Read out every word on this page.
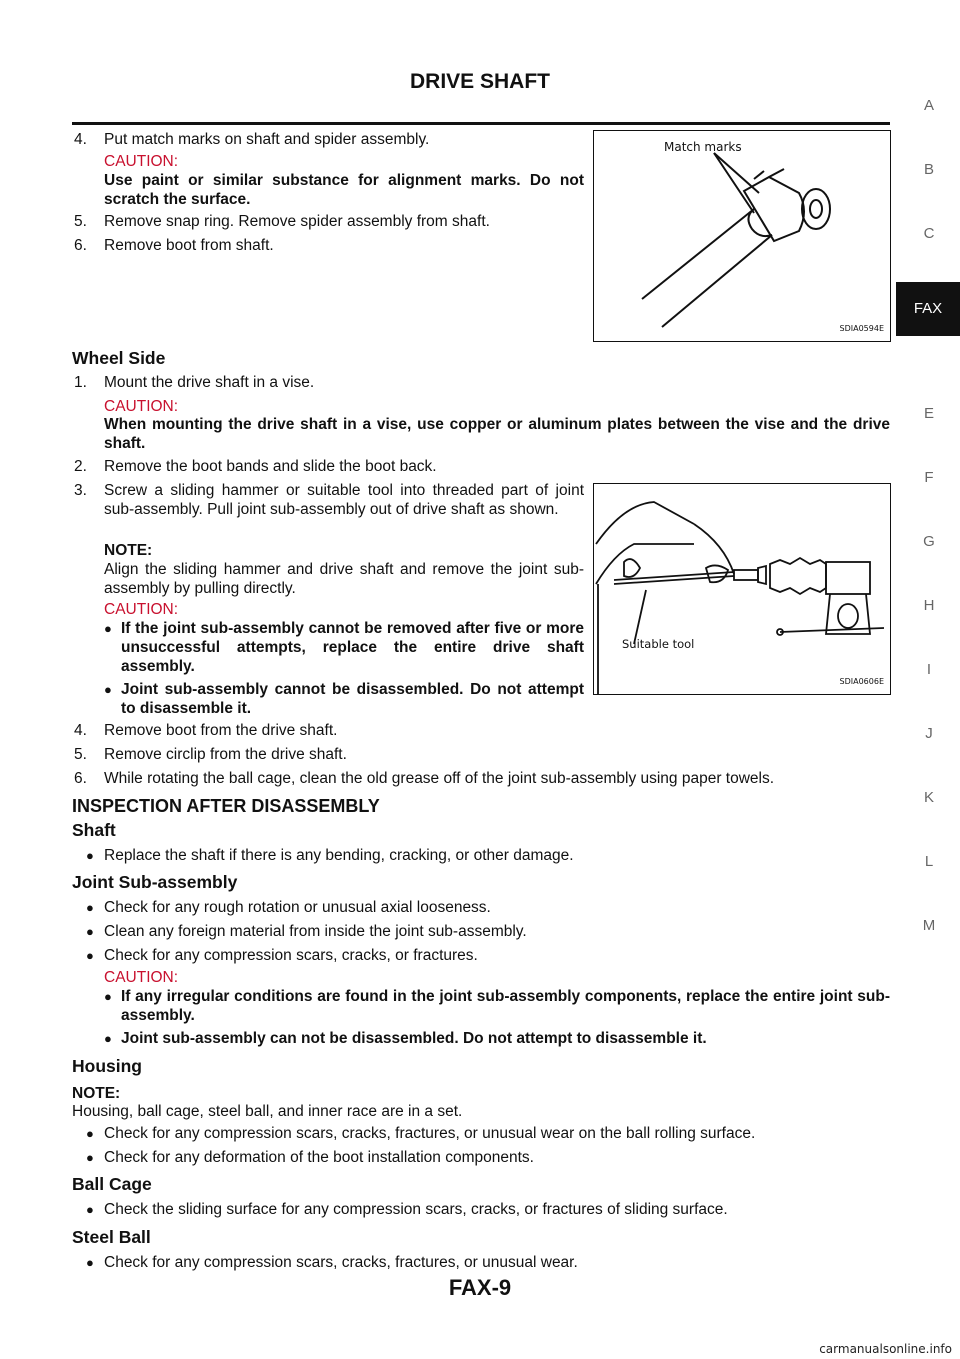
DRIVE SHAFT
A
B
C
FAX
E
F
G
H
I
J
K
L
M
4. Put match marks on shaft and spider assembly.
CAUTION:
Use paint or similar substance for alignment marks. Do not scratch the surface.
5. Remove snap ring. Remove spider assembly from shaft.
6. Remove boot from shaft.
Match marks
SDIA0594E
Wheel Side
1. Mount the drive shaft in a vise.
CAUTION:
When mounting the drive shaft in a vise, use copper or aluminum plates between the vise and the drive shaft.
2. Remove the boot bands and slide the boot back.
3.	Screw a sliding hammer or suitable tool into threaded part of joint sub-assembly. Pull joint sub-assembly out of drive shaft as shown.
NOTE:
Align the sliding hammer and drive shaft and remove the joint sub-assembly by pulling directly.
CAUTION:
● If the joint sub-assembly cannot be removed after five or more unsuccessful attempts, replace the entire drive shaft assembly.
● Joint sub-assembly cannot be disassembled. Do not attempt to disassemble it.
4. Remove boot from the drive shaft.
5. Remove circlip from the drive shaft.
6. While rotating the ball cage, clean the old grease off of the joint sub-assembly using paper towels.
Suitable tool
SDIA0606E
INSPECTION AFTER DISASSEMBLY
Shaft
● Replace the shaft if there is any bending, cracking, or other damage.
Joint Sub-assembly
● Check for any rough rotation or unusual axial looseness.
● Clean any foreign material from inside the joint sub-assembly.
● Check for any compression scars, cracks, or fractures.
CAUTION:
● If any irregular conditions are found in the joint sub-assembly components, replace the entire joint sub-assembly.
● Joint sub-assembly can not be disassembled. Do not attempt to disassemble it.
Housing
NOTE:
Housing, ball cage, steel ball, and inner race are in a set.
● Check for any compression scars, cracks, fractures, or unusual wear on the ball rolling surface.
● Check for any deformation of the boot installation components.
Ball Cage
● Check the sliding surface for any compression scars, cracks, or fractures of sliding surface.
Steel Ball
● Check for any compression scars, cracks, fractures, or unusual wear.
FAX-9
carmanualsonline.info
